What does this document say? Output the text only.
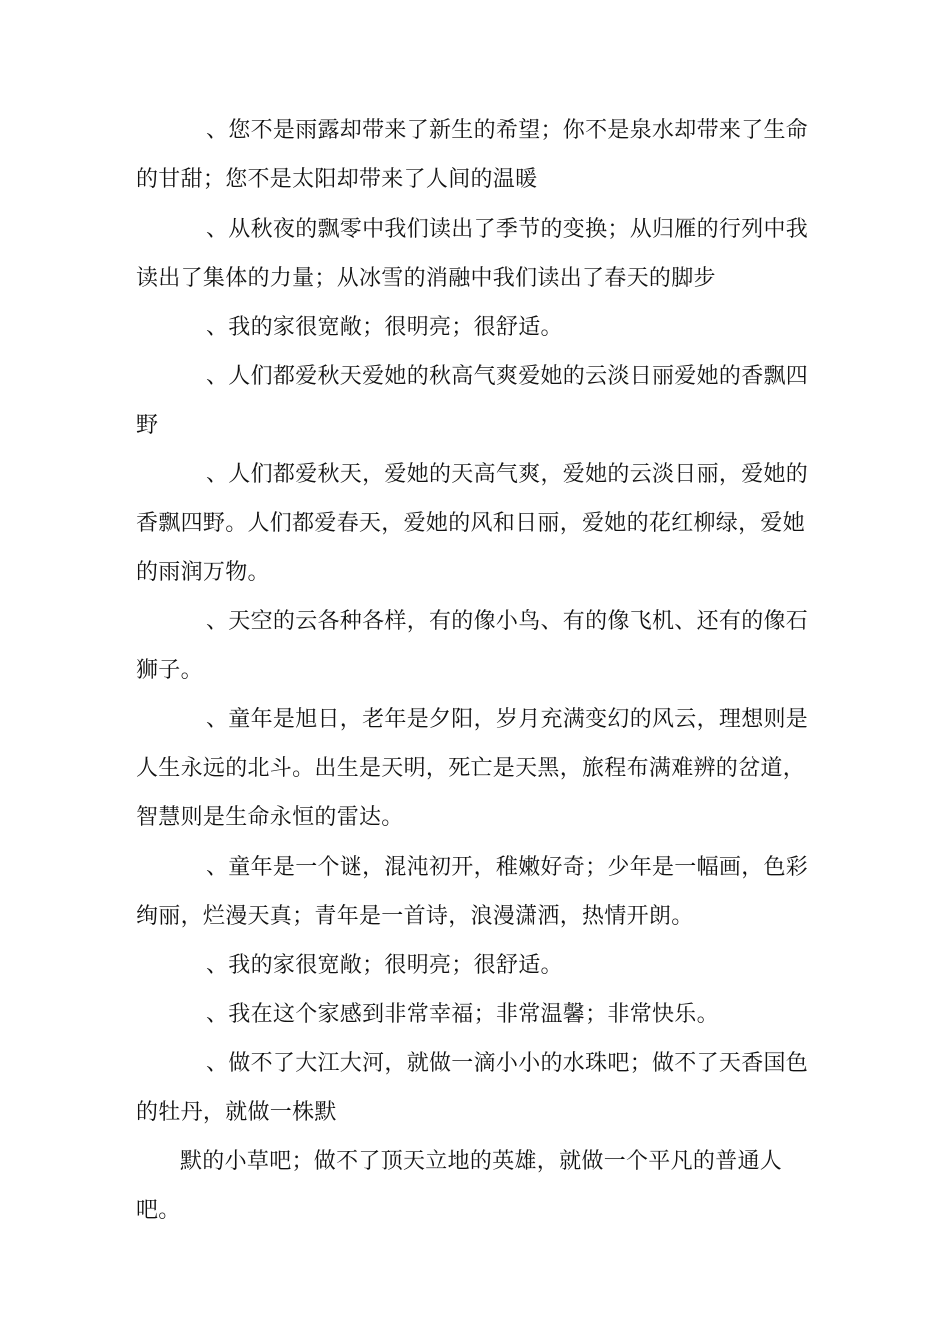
、您不是雨露却带来了新生的希望；你不是泉水却带来了生命的甘甜；您不是太阳却带来了人间的温暖

、从秋夜的飘零中我们读出了季节的变换；从归雁的行列中我读出了集体的力量；从冰雪的消融中我们读出了春天的脚步

、我的家很宽敞；很明亮；很舒适。

、人们都爱秋天爱她的秋高气爽爱她的云淡日丽爱她的香飘四野

、人们都爱秋天，爱她的天高气爽，爱她的云淡日丽，爱她的香飘四野。人们都爱春天，爱她的风和日丽，爱她的花红柳绿，爱她的雨润万物。

、天空的云各种各样，有的像小鸟、有的像飞机、还有的像石狮子。

、童年是旭日，老年是夕阳，岁月充满变幻的风云，理想则是人生永远的北斗。出生是天明，死亡是天黑，旅程布满难辨的岔道，智慧则是生命永恒的雷达。

、童年是一个谜，混沌初开，稚嫩好奇；少年是一幅画，色彩绚丽，烂漫天真；青年是一首诗，浪漫潇洒，热情开朗。

、我的家很宽敞；很明亮；很舒适。

、我在这个家感到非常幸福；非常温馨；非常快乐。

、做不了大江大河，就做一滴小小的水珠吧；做不了天香国色的牡丹，就做一株默

默的小草吧；做不了顶天立地的英雄，就做一个平凡的普通人吧。
